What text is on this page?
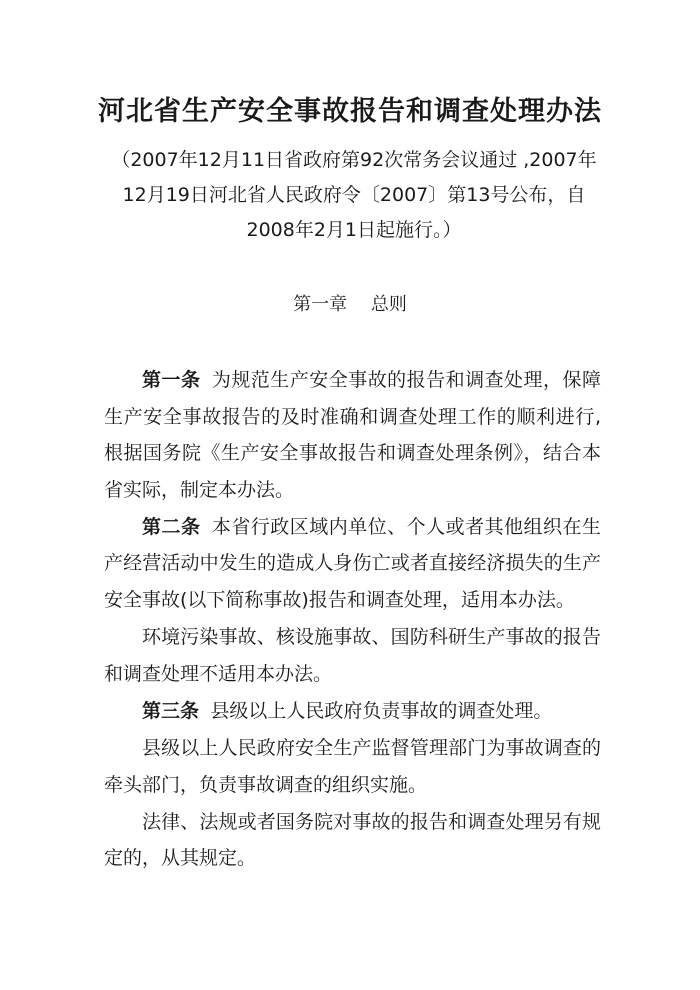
河北省生产安全事故报告和调查处理办法
（2007年12月11日省政府第92次常务会议通过 ,2007年12月19日河北省人民政府令〔2007〕第13号公布，自2008年2月1日起施行。）
第一章　 总则

第一条 为规范生产安全事故的报告和调查处理，保障生产安全事故报告的及时准确和调查处理工作的顺利进行,根据国务院《生产安全事故报告和调查处理条例》，结合本省实际，制定本办法。

第二条 本省行政区域内单位、个人或者其他组织在生产经营活动中发生的造成人身伤亡或者直接经济损失的生产安全事故(以下简称事故)报告和调查处理，适用本办法。

环境污染事故、核设施事故、国防科研生产事故的报告和调查处理不适用本办法。

第三条 县级以上人民政府负责事故的调查处理。

县级以上人民政府安全生产监督管理部门为事故调查的牵头部门，负责事故调查的组织实施。

法律、法规或者国务院对事故的报告和调查处理另有规定的，从其规定。
